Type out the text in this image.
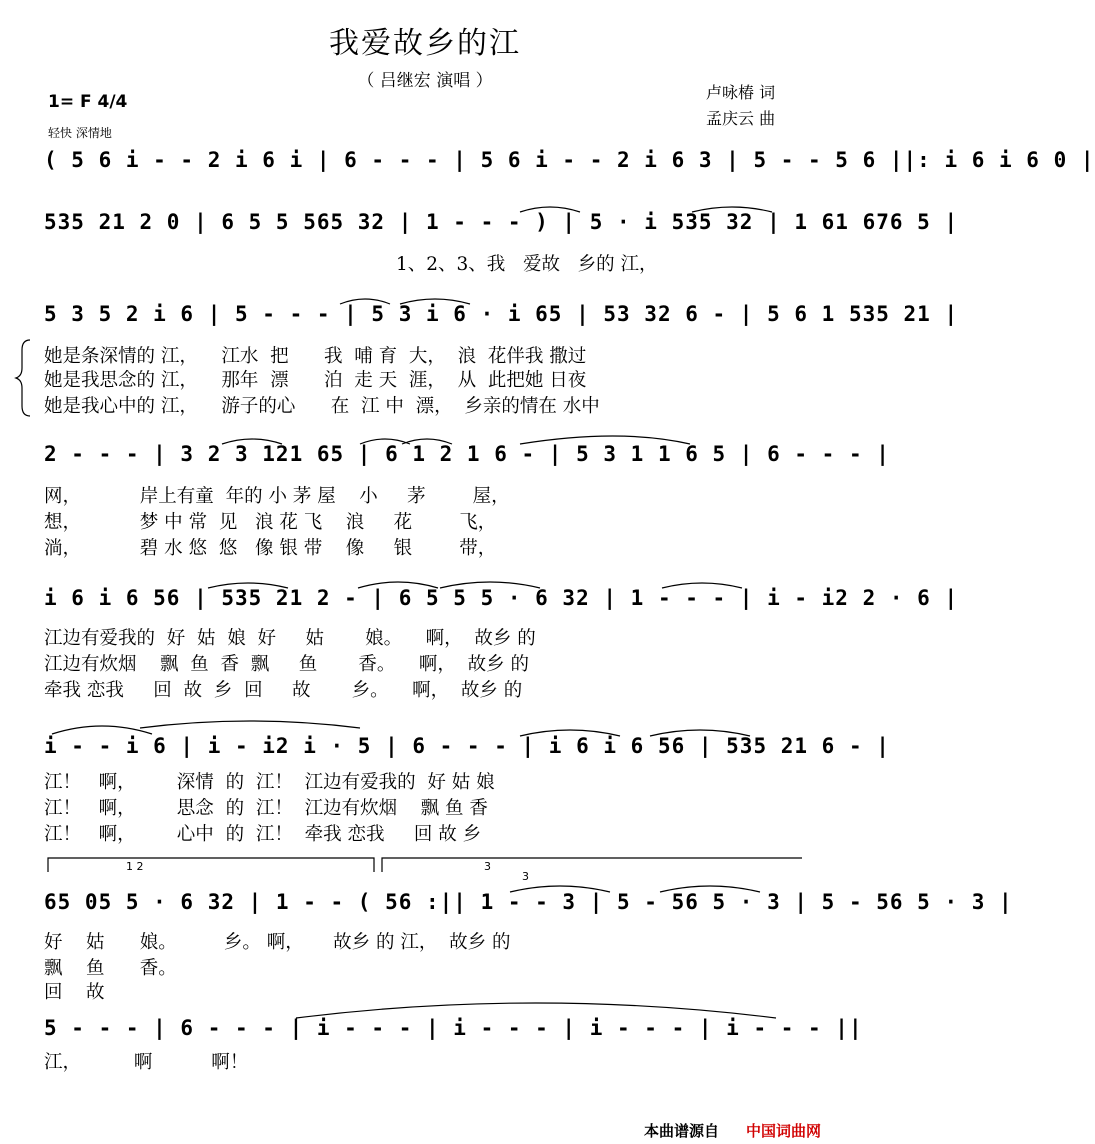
我爱故乡的江
（ 吕继宏 演唱 ）
卢咏椿 词
孟庆云 曲
1= F 4/4
轻快 深情地
( 5 6 i - - 2 i 6 i | 6 - - - | 5 6 i - - 2 i 6 3 | 5 - - 5 6 ||: i 6 i 6 0 |
535 21 2 0 | 6 5 5 565 32 | 1 - - - ) | 5 · i 535 32 | 1 61 676 5 |
1、2、3、我   爱故   乡的 江，
5 3 5 2 i 6 | 5 - - - | 5 3 i 6 · i 65 | 53 32 6 - | 5 6 1 535 21 |
她是条深情的 江，    江水  把      我  哺 育  大，  浪  花伴我 撒过
她是我思念的 江，    那年  漂      泊  走 天  涯，  从  此把她 日夜
她是我心中的 江，    游子的心      在  江 中  漂，  乡亲的情在 水中
2 - - - | 3 2 3 121 65 | 6 1 2 1 6 - | 5 3 1 1 6 5 | 6 - - - |
网，          岸上有童  年的 小 茅 屋    小     茅        屋，
想，          梦 中 常  见   浪 花 飞    浪     花        飞，
淌，          碧 水 悠  悠   像 银 带    像     银        带，
i 6 i 6 56 | 535 21 2 - | 6 5 5 5 · 6 32 | 1 - - - | i - i2 2 · 6 |
江边有爱我的  好  姑  娘  好     姑       娘。    啊，  故乡 的
江边有炊烟    飘  鱼  香  飘     鱼       香。    啊，  故乡 的
牵我 恋我     回  故  乡  回     故       乡。    啊，  故乡 的
i - - i 6 | i - i2 i · 5 | 6 - - - | i 6 i 6 56 | 535 21 6 - |
江！   啊，       深情  的  江！  江边有爱我的  好 姑 娘
江！   啊，       思念  的  江！  江边有炊烟    飘 鱼 香
江！   啊，       心中  的  江！  牵我 恋我     回 故 乡
1 2	3
3
65 05 5 · 6 32 | 1 - - ( 56 :|| 1 - - 3 | 5 - 56 5 · 3 | 5 - 56 5 · 3 |
好    姑      娘。        乡。 啊，     故乡 的 江，  故乡 的
飘    鱼      香。
回    故
5 - - - | 6 - - - | i - - - | i - - - | i - - - | i - - - ||
江，         啊          啊！
本曲谱源自 中国词曲网
